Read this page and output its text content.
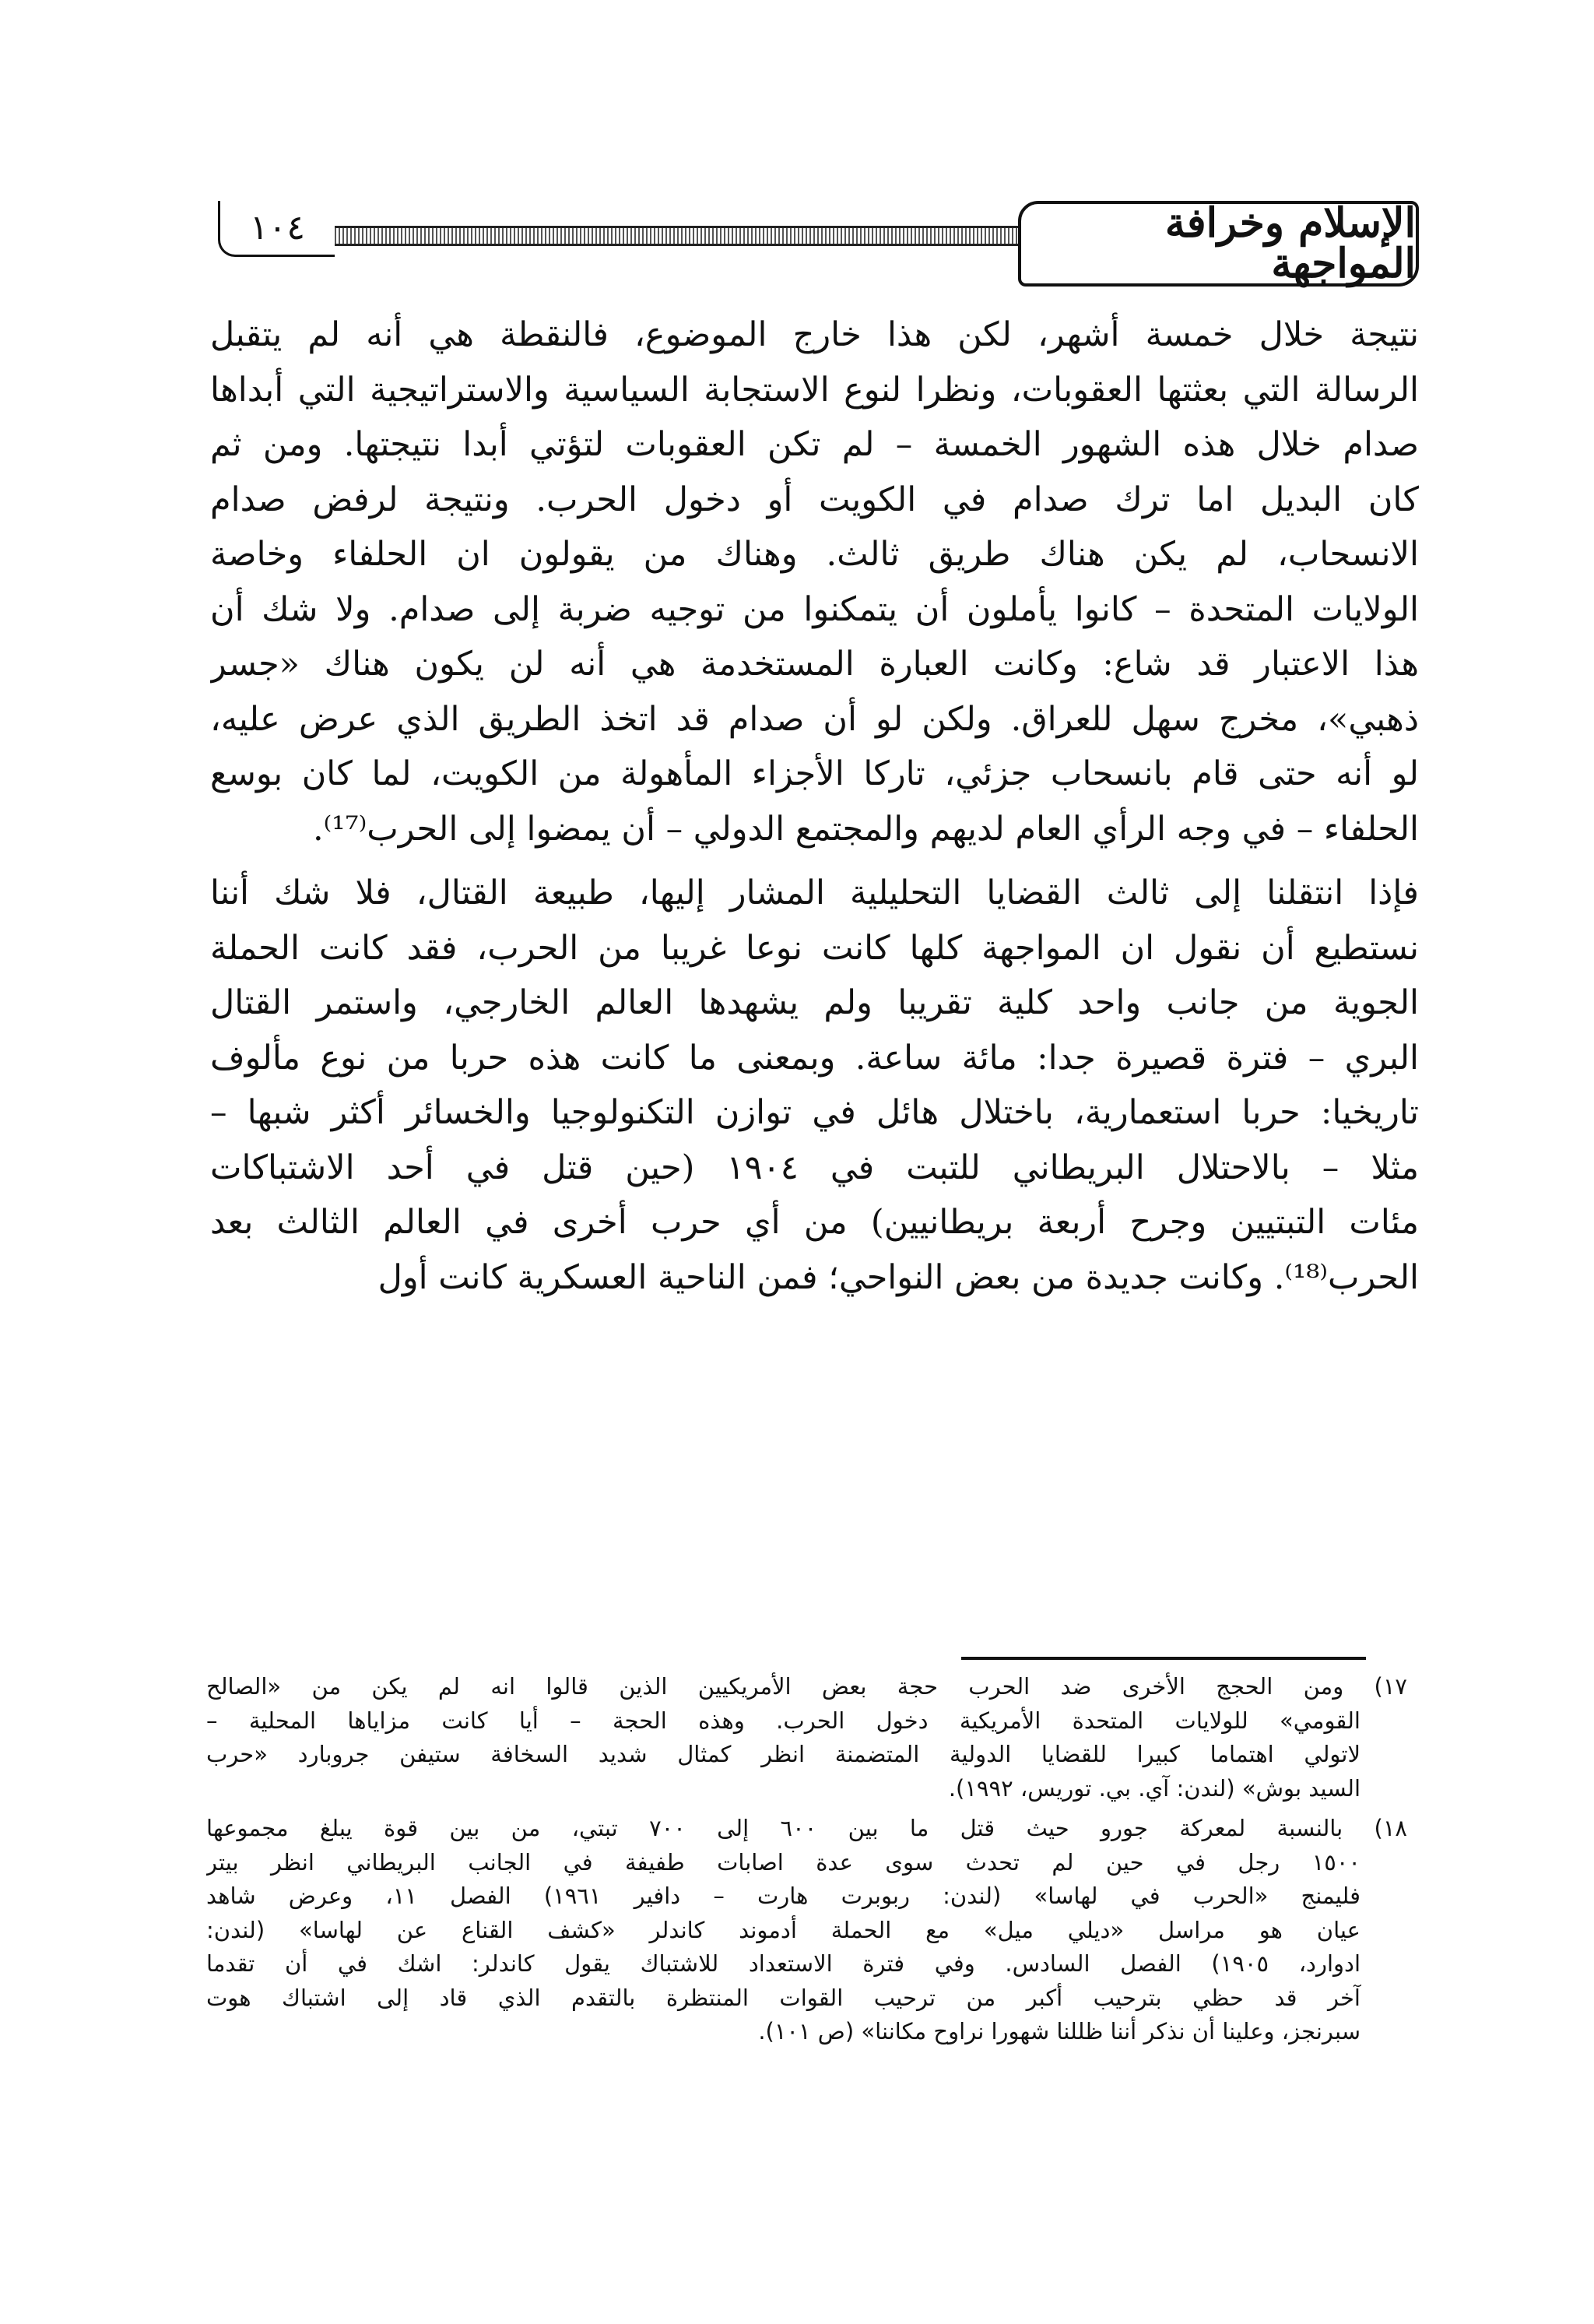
الإسلام وخرافة المواجهة
١٠٤
نتيجة خلال خمسة أشهر، لكن هذا خارج الموضوع، فالنقطة هي أنه لم يتقبل
الرسالة التي بعثتها العقوبات، ونظرا لنوع الاستجابة السياسية والاستراتيجية التي أبداها
صدام خلال هذه الشهور الخمسة – لم تكن العقوبات لتؤتي أبدا نتيجتها. ومن ثم
كان البديل اما ترك صدام في الكويت أو دخول الحرب. ونتيجة لرفض صدام
الانسحاب، لم يكن هناك طريق ثالث. وهناك من يقولون ان الحلفاء وخاصة
الولايات المتحدة – كانوا يأملون أن يتمكنوا من توجيه ضربة إلى صدام. ولا شك أن
هذا الاعتبار قد شاع: وكانت العبارة المستخدمة هي أنه لن يكون هناك «جسر
ذهبي»، مخرج سهل للعراق. ولكن لو أن صدام قد اتخذ الطريق الذي عرض عليه،
لو أنه حتى قام بانسحاب جزئي، تاركا الأجزاء المأهولة من الكويت، لما كان بوسع
الحلفاء – في وجه الرأي العام لديهم والمجتمع الدولي – أن يمضوا إلى الحرب⁽¹⁷⁾.
فإذا انتقلنا إلى ثالث القضايا التحليلية المشار إليها، طبيعة القتال، فلا شك أننا
نستطيع أن نقول ان المواجهة كلها كانت نوعا غريبا من الحرب، فقد كانت الحملة
الجوية من جانب واحد كلية تقريبا ولم يشهدها العالم الخارجي، واستمر القتال
البري – فترة قصيرة جدا: مائة ساعة. وبمعنى ما كانت هذه حربا من نوع مألوف
تاريخيا: حربا استعمارية، باختلال هائل في توازن التكنولوجيا والخسائر أكثر شبها –
مثلا – بالاحتلال البريطاني للتبت في ١٩٠٤ (حين قتل في أحد الاشتباكات
مئات التبتيين وجرح أربعة بريطانيين) من أي حرب أخرى في العالم الثالث بعد
الحرب⁽¹⁸⁾. وكانت جديدة من بعض النواحي؛ فمن الناحية العسكرية كانت أول
١٧) ومن الحجج الأخرى ضد الحرب حجة بعض الأمريكيين الذين قالوا انه لم يكن من «الصالح
القومي» للولايات المتحدة الأمريكية دخول الحرب. وهذه الحجة – أيا كانت مزاياها المحلية –
لاتولي اهتماما كبيرا للقضايا الدولية المتضمنة انظر كمثال شديد السخافة ستيفن جروبارد «حرب
السيد بوش» (لندن: آي. بي. توريس، ١٩٩٢).
١٨) بالنسبة لمعركة جورو حيث قتل ما بين ٦٠٠ إلى ٧٠٠ تبتي، من بين قوة يبلغ مجموعها
١٥٠٠ رجل في حين لم تحدث سوى عدة اصابات طفيفة في الجانب البريطاني انظر بيتر
فليمنج «الحرب في لهاسا» (لندن: ربوبرت هارت – دافير ١٩٦١) الفصل ١١، وعرض شاهد
عيان هو مراسل «ديلي ميل» مع الحملة أدموند كاندلر «كشف القناع عن لهاسا» (لندن:
ادوارد، ١٩٠٥) الفصل السادس. وفي فترة الاستعداد للاشتباك يقول كاندلر: اشك في أن تقدما
آخر قد حظي بترحيب أكبر من ترحيب القوات المنتظرة بالتقدم الذي قاد إلى اشتباك هوت
سبرنجز، وعلينا أن نذكر أننا ظللنا شهورا نراوح مكاننا» (ص ١٠١).
